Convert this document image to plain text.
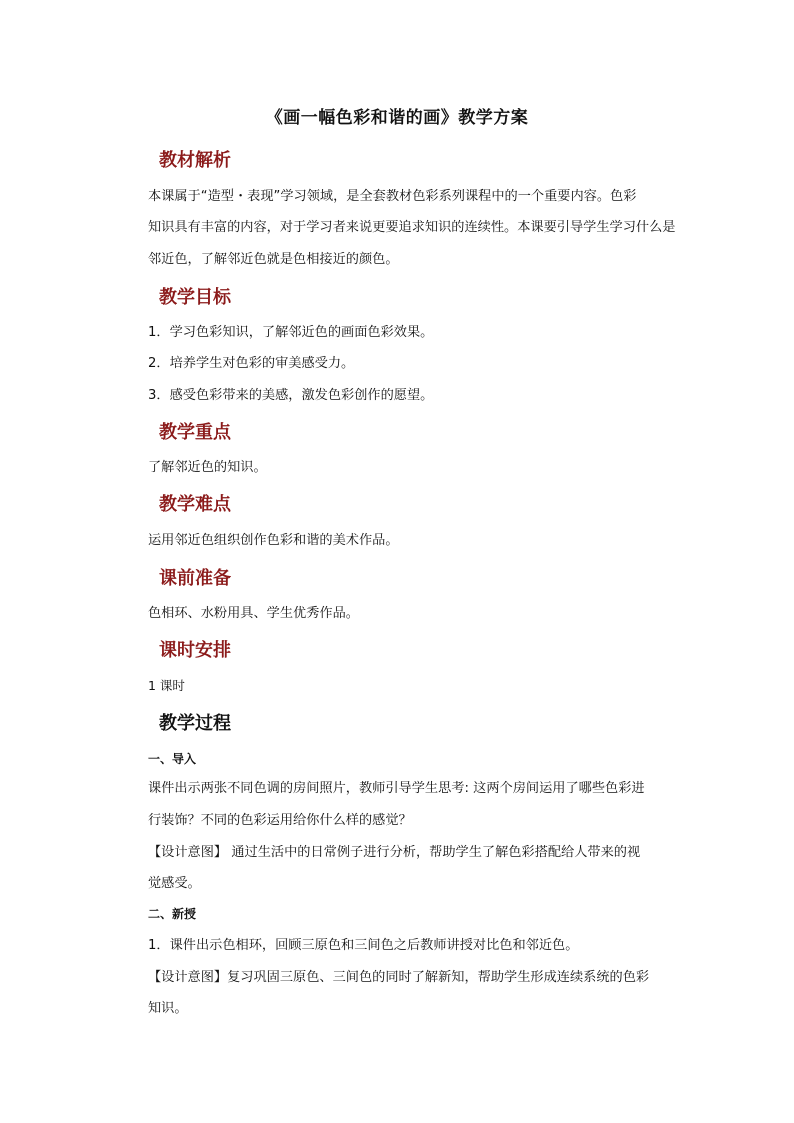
《画一幅色彩和谐的画》教学方案
教材解析
本课属于“造型・表现”学习领域，是全套教材色彩系列课程中的一个重要内容。色彩
知识具有丰富的内容，对于学习者来说更要追求知识的连续性。本课要引导学生学习什么是
邻近色，了解邻近色就是色相接近的颜色。
教学目标
1．学习色彩知识，了解邻近色的画面色彩效果。
2．培养学生对色彩的审美感受力。
3．感受色彩带来的美感，激发色彩创作的愿望。
教学重点
了解邻近色的知识。
教学难点
运用邻近色组织创作色彩和谐的美术作品。
课前准备
色相环、水粉用具、学生优秀作品。
课时安排
1 课时
教学过程
一、导入
课件出示两张不同色调的房间照片，教师引导学生思考: 这两个房间运用了哪些色彩进
行装饰？不同的色彩运用给你什么样的感觉？
【设计意图】 通过生活中的日常例子进行分析，帮助学生了解色彩搭配给人带来的视
觉感受。
二、新授
1．课件出示色相环，回顾三原色和三间色之后教师讲授对比色和邻近色。
【设计意图】复习巩固三原色、三间色的同时了解新知，帮助学生形成连续系统的色彩
知识。
